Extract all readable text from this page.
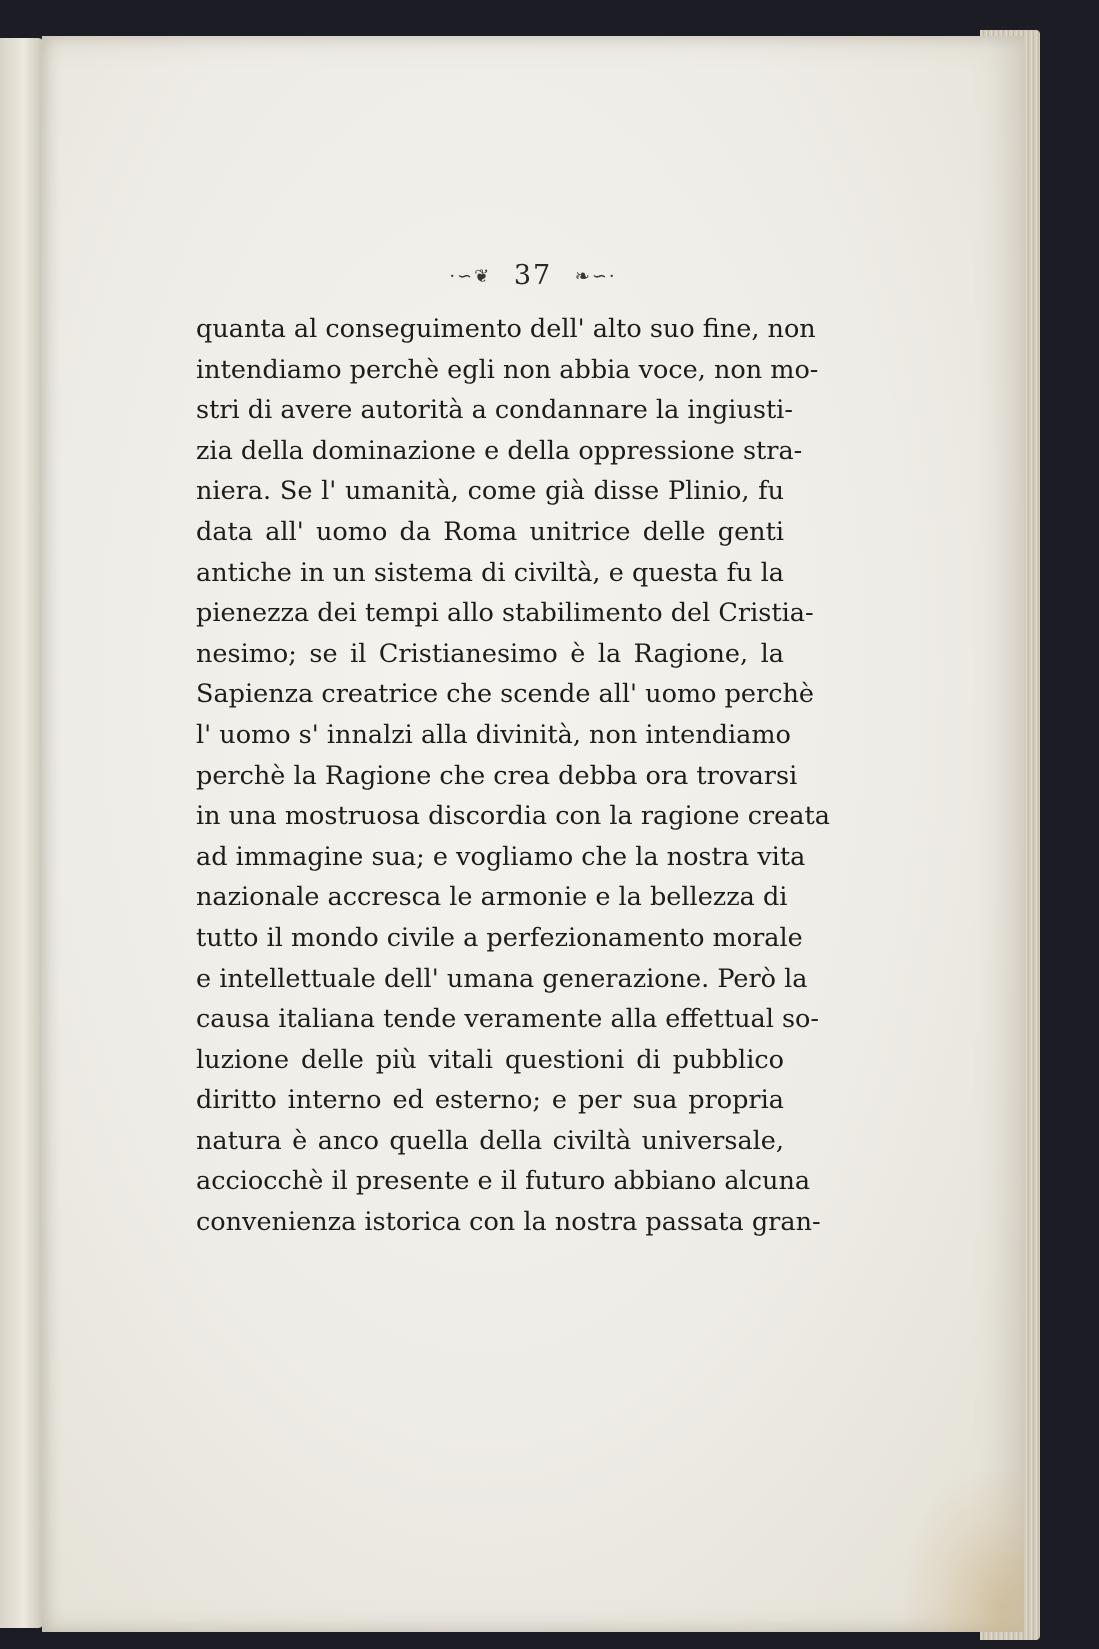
·∽❦ 37 ❧∽·
quanta al conseguimento dell' alto suo fine, non
intendiamo perchè egli non abbia voce, non mo-
stri di avere autorità a condannare la ingiusti-
zia della dominazione e della oppressione stra-
niera. Se l' umanità, come già disse Plinio, fu
data all' uomo da Roma unitrice delle genti
antiche in un sistema di civiltà, e questa fu la
pienezza dei tempi allo stabilimento del Cristia-
nesimo; se il Cristianesimo è la Ragione, la
Sapienza creatrice che scende all' uomo perchè
l' uomo s' innalzi alla divinità, non intendiamo
perchè la Ragione che crea debba ora trovarsi
in una mostruosa discordia con la ragione creata
ad immagine sua; e vogliamo che la nostra vita
nazionale accresca le armonie e la bellezza di
tutto il mondo civile a perfezionamento morale
e intellettuale dell' umana generazione. Però la
causa italiana tende veramente alla effettual so-
luzione delle più vitali questioni di pubblico
diritto interno ed esterno; e per sua propria
natura è anco quella della civiltà universale,
acciocchè il presente e il futuro abbiano alcuna
convenienza istorica con la nostra passata gran-
